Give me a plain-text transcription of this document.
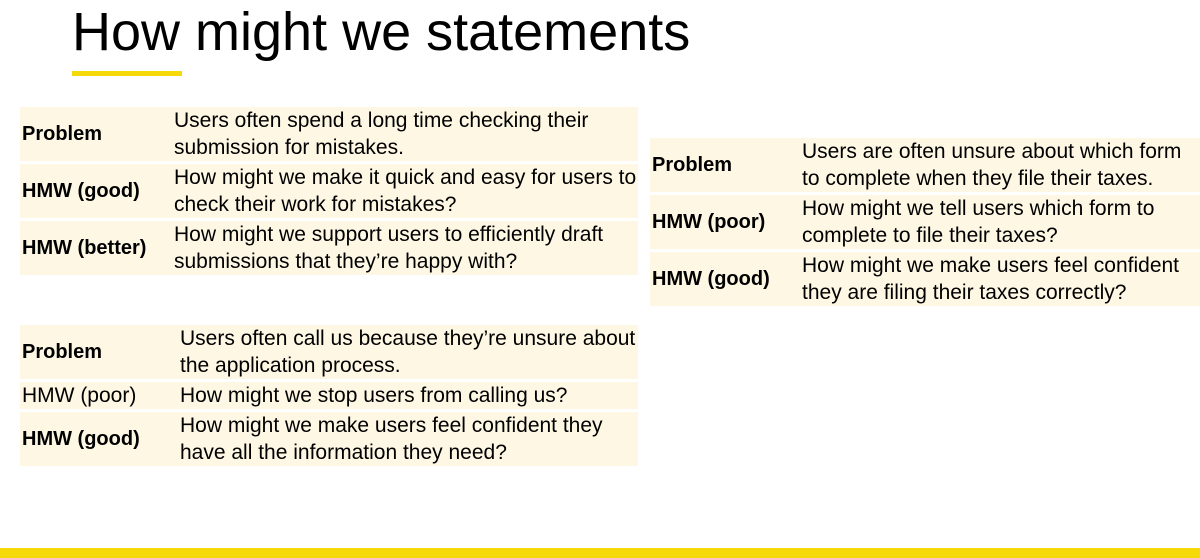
How might we statements
Problem	Users often spend a long time checking their submission for mistakes.
HMW (good)	How might we make it quick and easy for users to check their work for mistakes?
HMW (better)	How might we support users to efficiently draft submissions that they’re happy with?
Problem	Users often call us because they’re unsure about the application process.
HMW (poor)	How might we stop users from calling us?
HMW (good)	How might we make users feel confident they have all the information they need?
Problem	Users are often unsure about which form to complete when they file their taxes.
HMW (poor)	How might we tell users which form to complete to file their taxes?
HMW (good)	How might we make users feel confident they are filing their taxes correctly?
